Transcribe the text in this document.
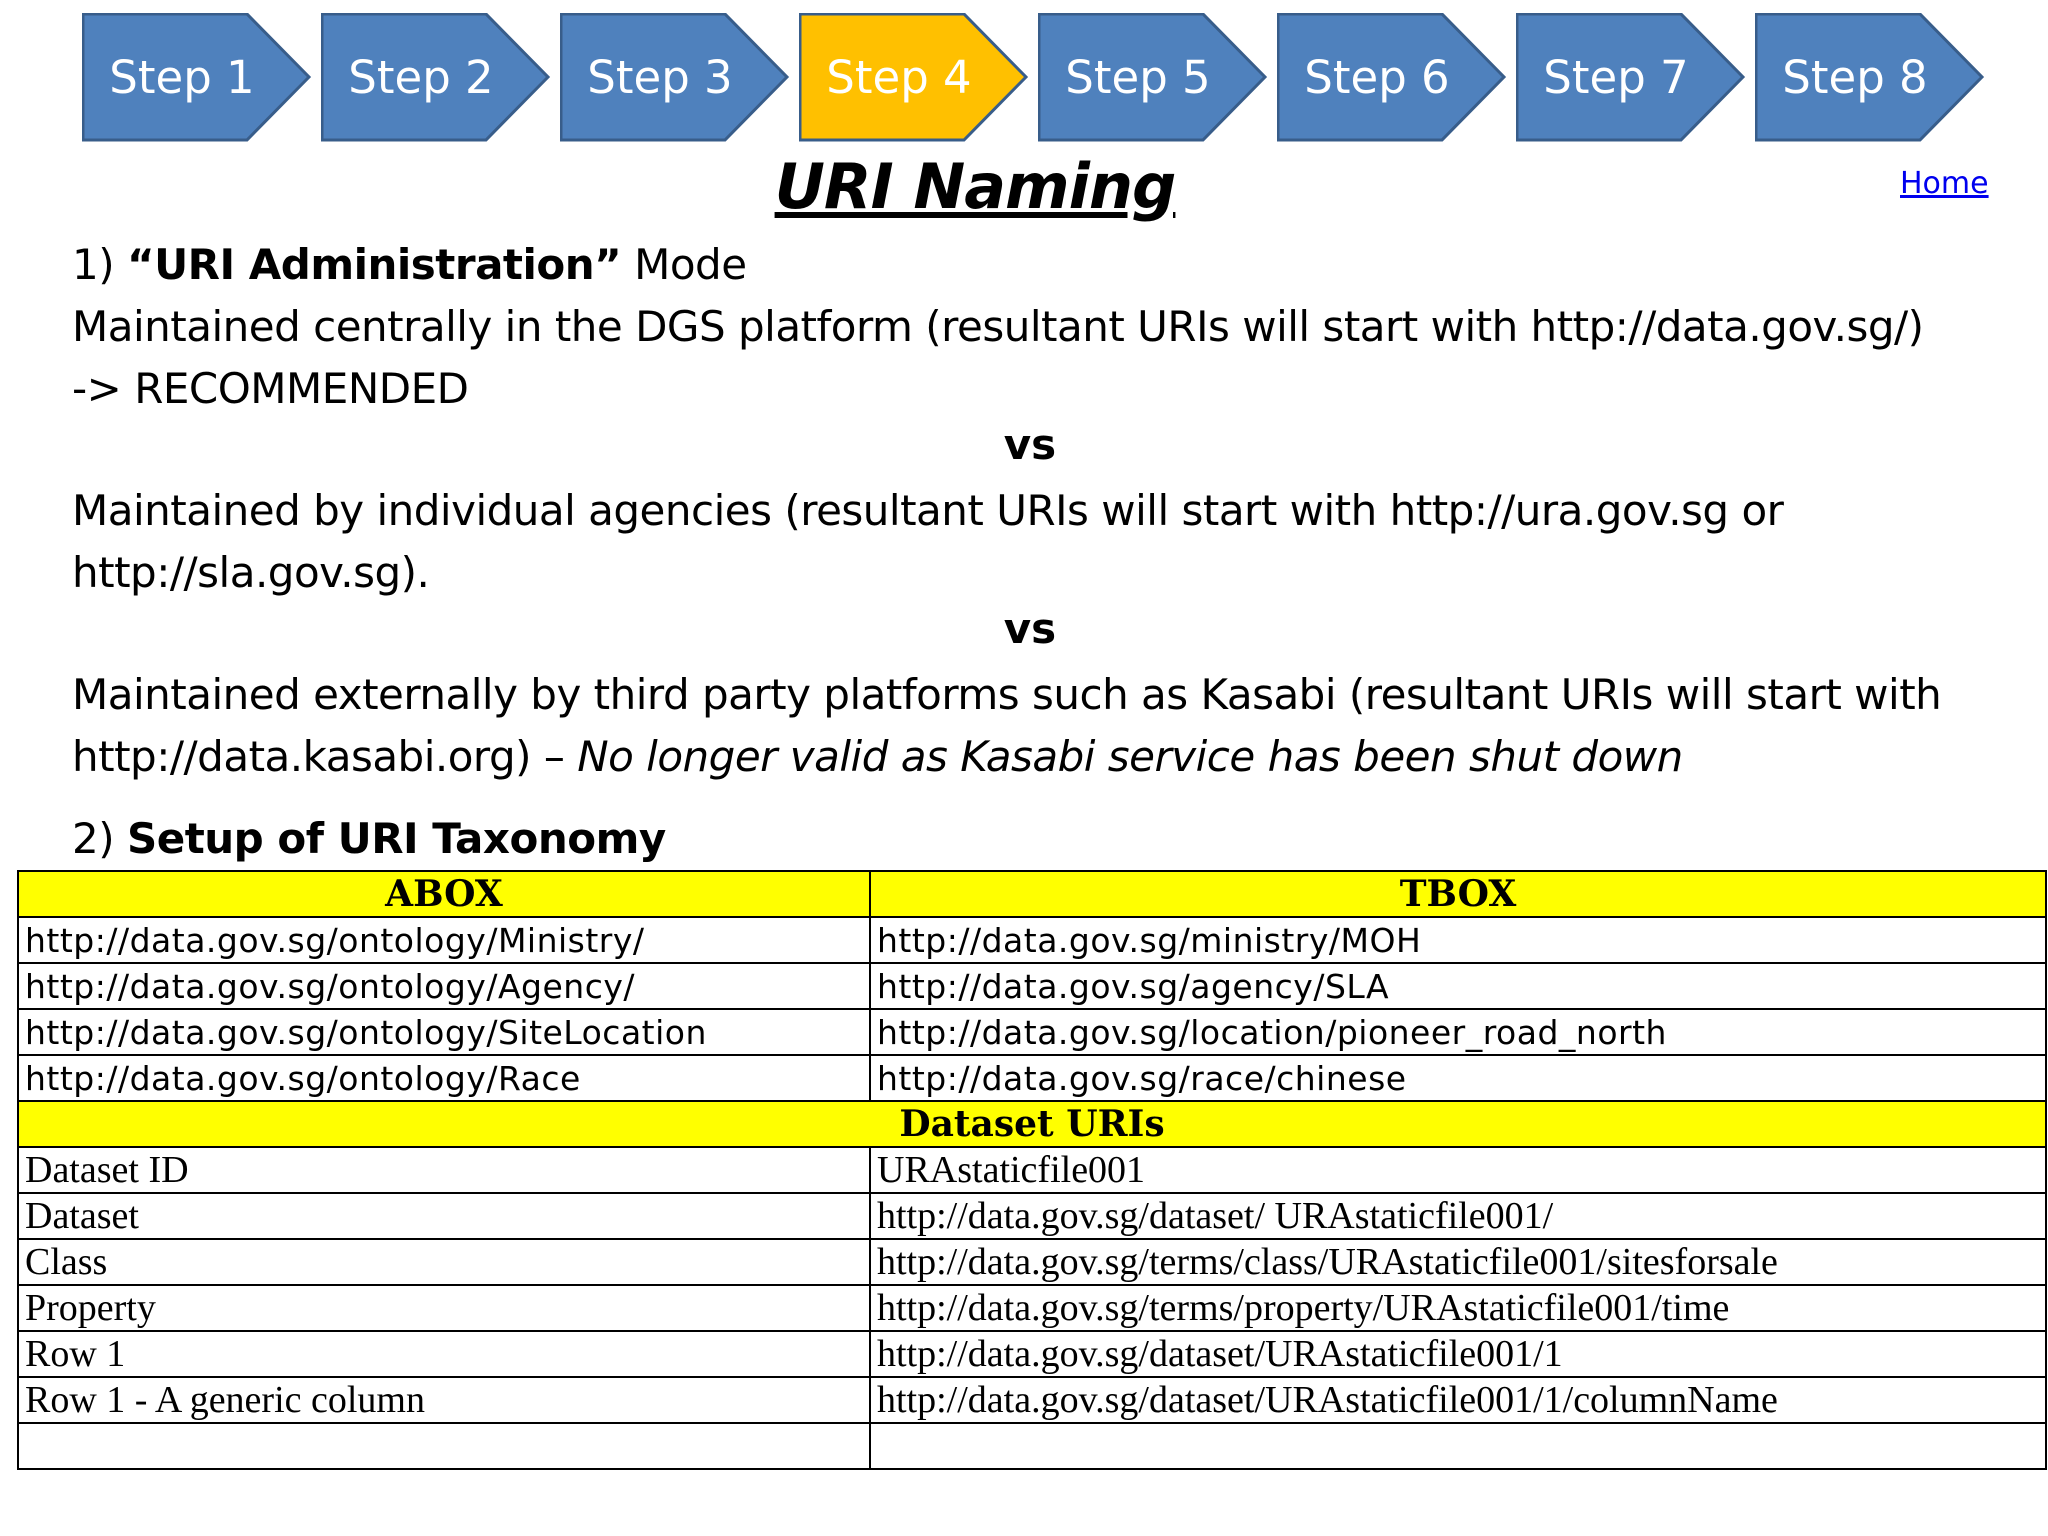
Step 1	Step 2	Step 3	Step 4	Step 5	Step 6	Step 7	Step 8
URI Naming	Home
1) “URI Administration” Mode
Maintained centrally in the DGS platform (resultant URIs will start with http://data.gov.sg/)
-> RECOMMENDED
vs
Maintained by individual agencies (resultant URIs will start with http://ura.gov.sg or
http://sla.gov.sg).
vs
Maintained externally by third party platforms such as Kasabi (resultant URIs will start with
http://data.kasabi.org) – No longer valid as Kasabi service has been shut down
2) Setup of URI Taxonomy
ABOX	TBOX
http://data.gov.sg/ontology/Ministry/	http://data.gov.sg/ministry/MOH
http://data.gov.sg/ontology/Agency/	http://data.gov.sg/agency/SLA
http://data.gov.sg/ontology/SiteLocation	http://data.gov.sg/location/pioneer_road_north
http://data.gov.sg/ontology/Race	http://data.gov.sg/race/chinese
Dataset URIs	
Dataset ID	URAstaticfile001
Dataset	http://data.gov.sg/dataset/ URAstaticfile001/
Class	http://data.gov.sg/terms/class/URAstaticfile001/sitesforsale
Property	http://data.gov.sg/terms/property/URAstaticfile001/time
Row 1	http://data.gov.sg/dataset/URAstaticfile001/1
Row 1 - A generic column	http://data.gov.sg/dataset/URAstaticfile001/1/columnName
